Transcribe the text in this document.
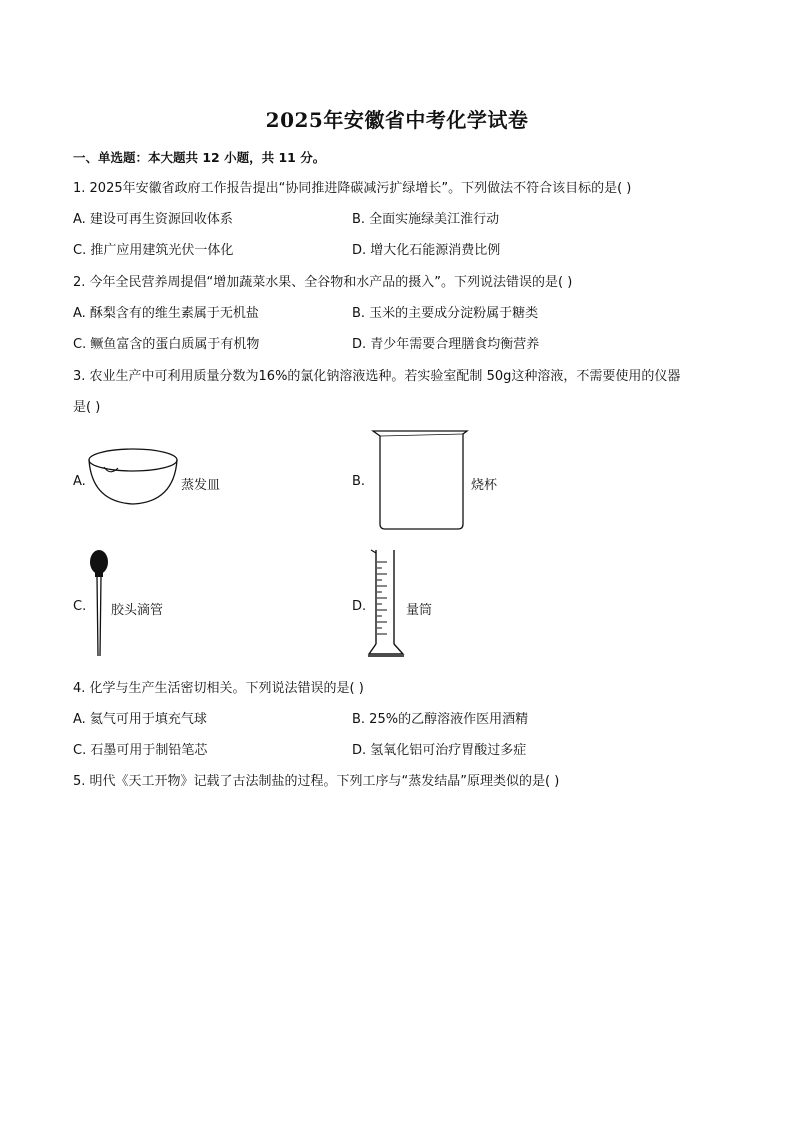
2025年安徽省中考化学试卷
一、单选题：本大题共 12 小题，共 11 分。
1. 2025年安徽省政府工作报告提出“协同推进降碳减污扩绿增长”。下列做法不符合该目标的是( )
A. 建设可再生资源回收体系	B. 全面实施绿美江淮行动
C. 推广应用建筑光伏一体化	D. 增大化石能源消费比例
2. 今年全民营养周提倡“增加蔬菜水果、全谷物和水产品的摄入”。下列说法错误的是( )
A. 酥梨含有的维生素属于无机盐	B. 玉米的主要成分淀粉属于糖类
C. 鳜鱼富含的蛋白质属于有机物	D. 青少年需要合理膳食均衡营养
3. 农业生产中可利用质量分数为16%的氯化钠溶液选种。若实验室配制 50g这种溶液，不需要使用的仪器
是( )
A.	蒸发皿	B.	烧杯
C. 胶头滴管	D.	量筒
4. 化学与生产生活密切相关。下列说法错误的是( )
A. 氦气可用于填充气球	B. 25%的乙醇溶液作医用酒精
C. 石墨可用于制铅笔芯	D. 氢氧化铝可治疗胃酸过多症
5. 明代《天工开物》记载了古法制盐的过程。下列工序与“蒸发结晶”原理类似的是( )
